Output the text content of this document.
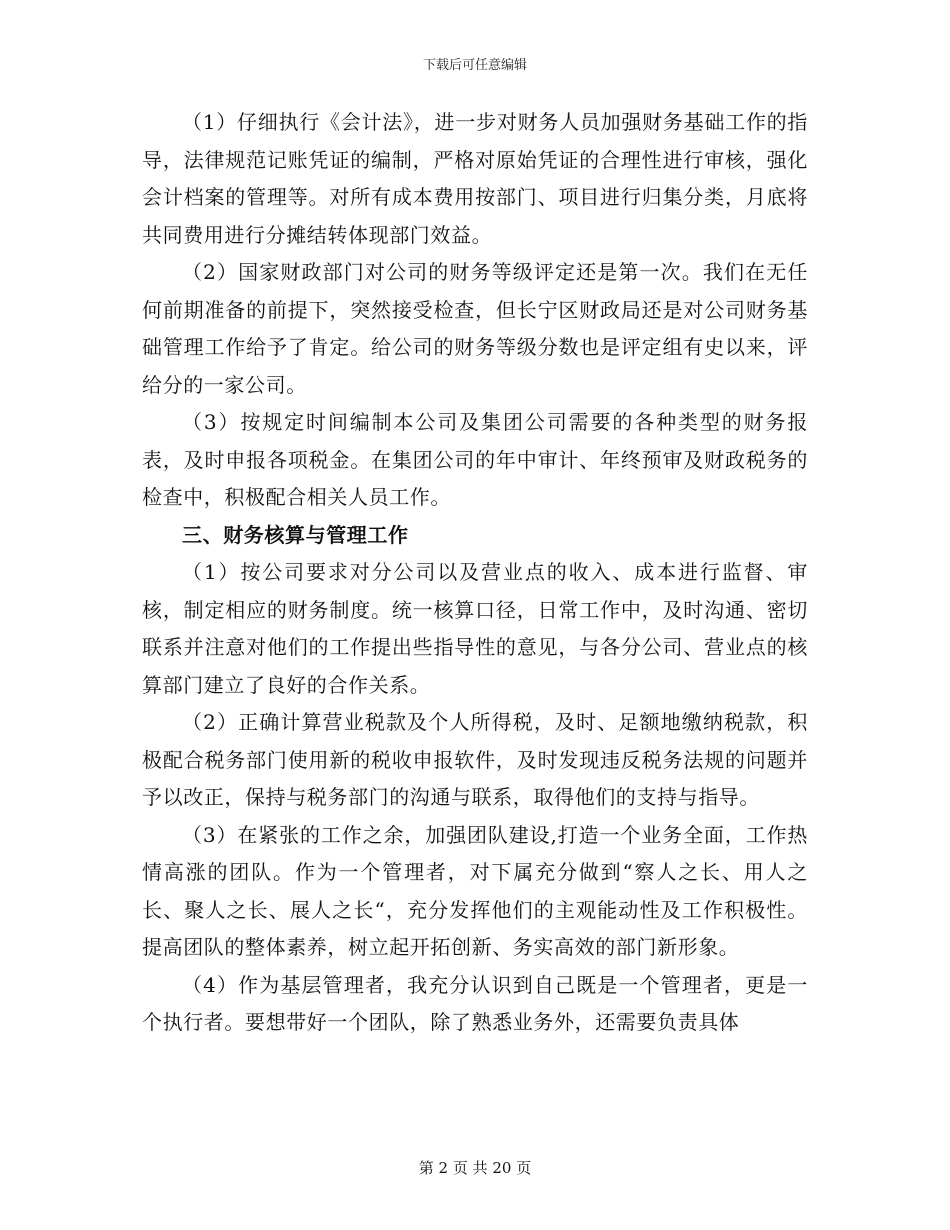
下载后可任意编辑

（1）仔细执行《会计法》，进一步对财务人员加强财务基础工作的指导，法律规范记账凭证的编制，严格对原始凭证的合理性进行审核，强化会计档案的管理等。对所有成本费用按部门、项目进行归集分类，月底将共同费用进行分摊结转体现部门效益。

（2）国家财政部门对公司的财务等级评定还是第一次。我们在无任何前期准备的前提下，突然接受检查，但长宁区财政局还是对公司财务基础管理工作给予了肯定。给公司的财务等级分数也是评定组有史以来，评给分的一家公司。

（3）按规定时间编制本公司及集团公司需要的各种类型的财务报表，及时申报各项税金。在集团公司的年中审计、年终预审及财政税务的检查中，积极配合相关人员工作。

三、财务核算与管理工作

（1）按公司要求对分公司以及营业点的收入、成本进行监督、审核，制定相应的财务制度。统一核算口径，日常工作中，及时沟通、密切联系并注意对他们的工作提出些指导性的意见，与各分公司、营业点的核算部门建立了良好的合作关系。

（2）正确计算营业税款及个人所得税，及时、足额地缴纳税款，积极配合税务部门使用新的税收申报软件，及时发现违反税务法规的问题并予以改正，保持与税务部门的沟通与联系，取得他们的支持与指导。

（3）在紧张的工作之余，加强团队建设,打造一个业务全面，工作热情高涨的团队。作为一个管理者，对下属充分做到“察人之长、用人之长、聚人之长、展人之长“，充分发挥他们的主观能动性及工作积极性。提高团队的整体素养，树立起开拓创新、务实高效的部门新形象。

（4）作为基层管理者，我充分认识到自己既是一个管理者，更是一个执行者。要想带好一个团队，除了熟悉业务外，还需要负责具体

第 2 页 共 20 页
